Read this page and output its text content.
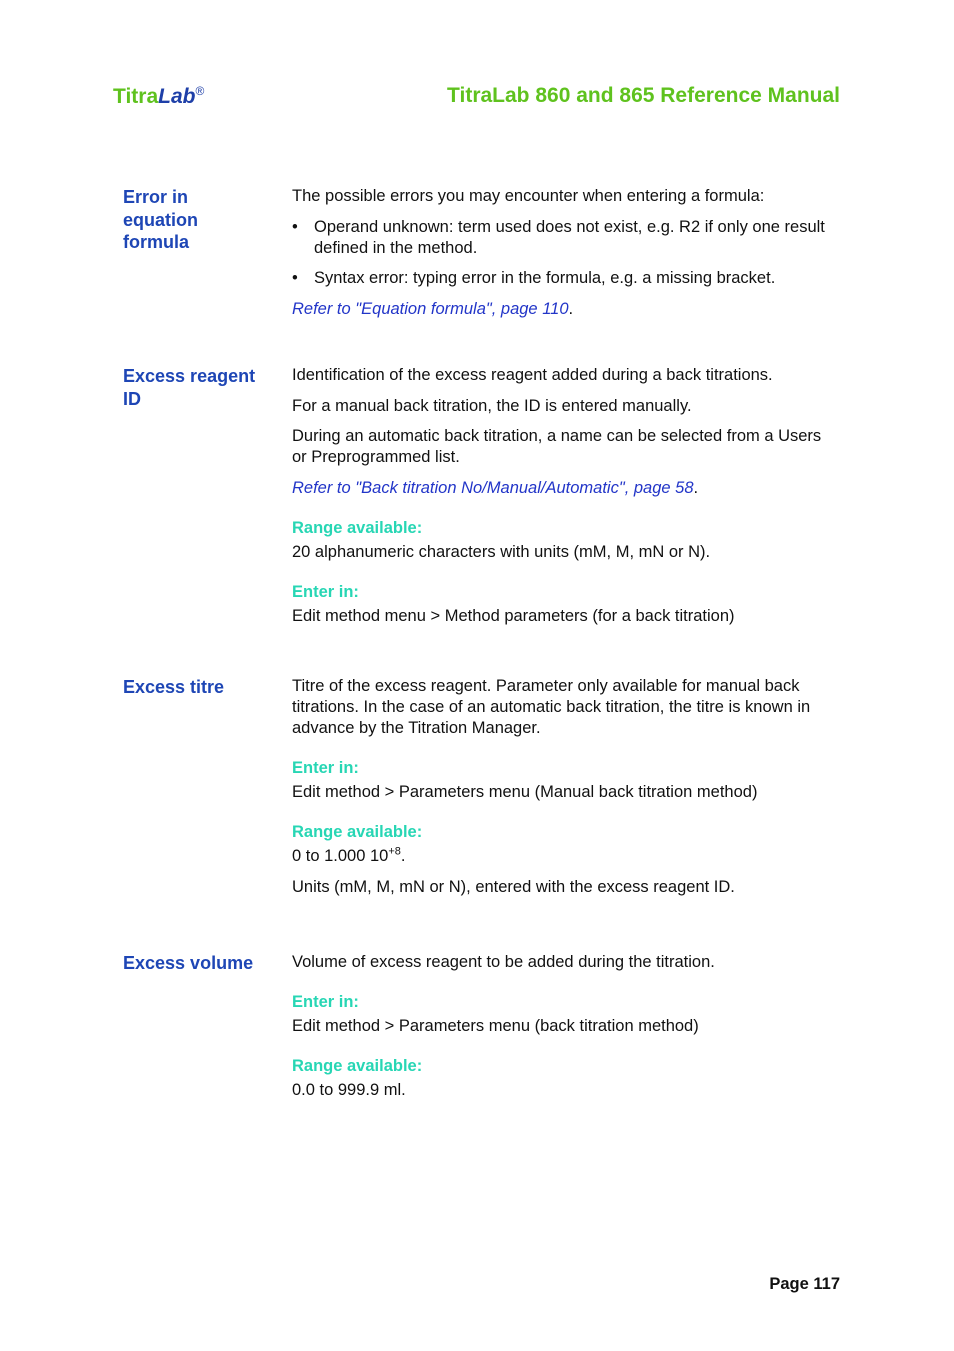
TitraLab®	TitraLab 860 and 865 Reference Manual
Error in equation formula

The possible errors you may encounter when entering a formula:

• Operand unknown: term used does not exist, e.g. R2 if only one result defined in the method.
• Syntax error: typing error in the formula, e.g. a missing bracket.

Refer to "Equation formula", page 110.

Excess reagent ID

Identification of the excess reagent added during a back titrations.

For a manual back titration, the ID is entered manually.

During an automatic back titration, a name can be selected from a Users or Preprogrammed list.

Refer to "Back titration No/Manual/Automatic", page 58.

Range available:

20 alphanumeric characters with units (mM, M, mN or N).

Enter in:

Edit method menu > Method parameters (for a back titration)

Excess titre	Titre of the excess reagent. Parameter only available for manual back titrations. In the case of an automatic back titration, the titre is known in advance by the Titration Manager.

Enter in:

Edit method > Parameters menu (Manual back titration method)

Range available:

0 to 1.000 $10^{+8}$.

Units (mM, M, mN or N), entered with the excess reagent ID.

Excess volume	Volume of excess reagent to be added during the titration.

Enter in:

Edit method > Parameters menu (back titration method)

Range available:

0.0 to 999.9 ml.

Page 117
